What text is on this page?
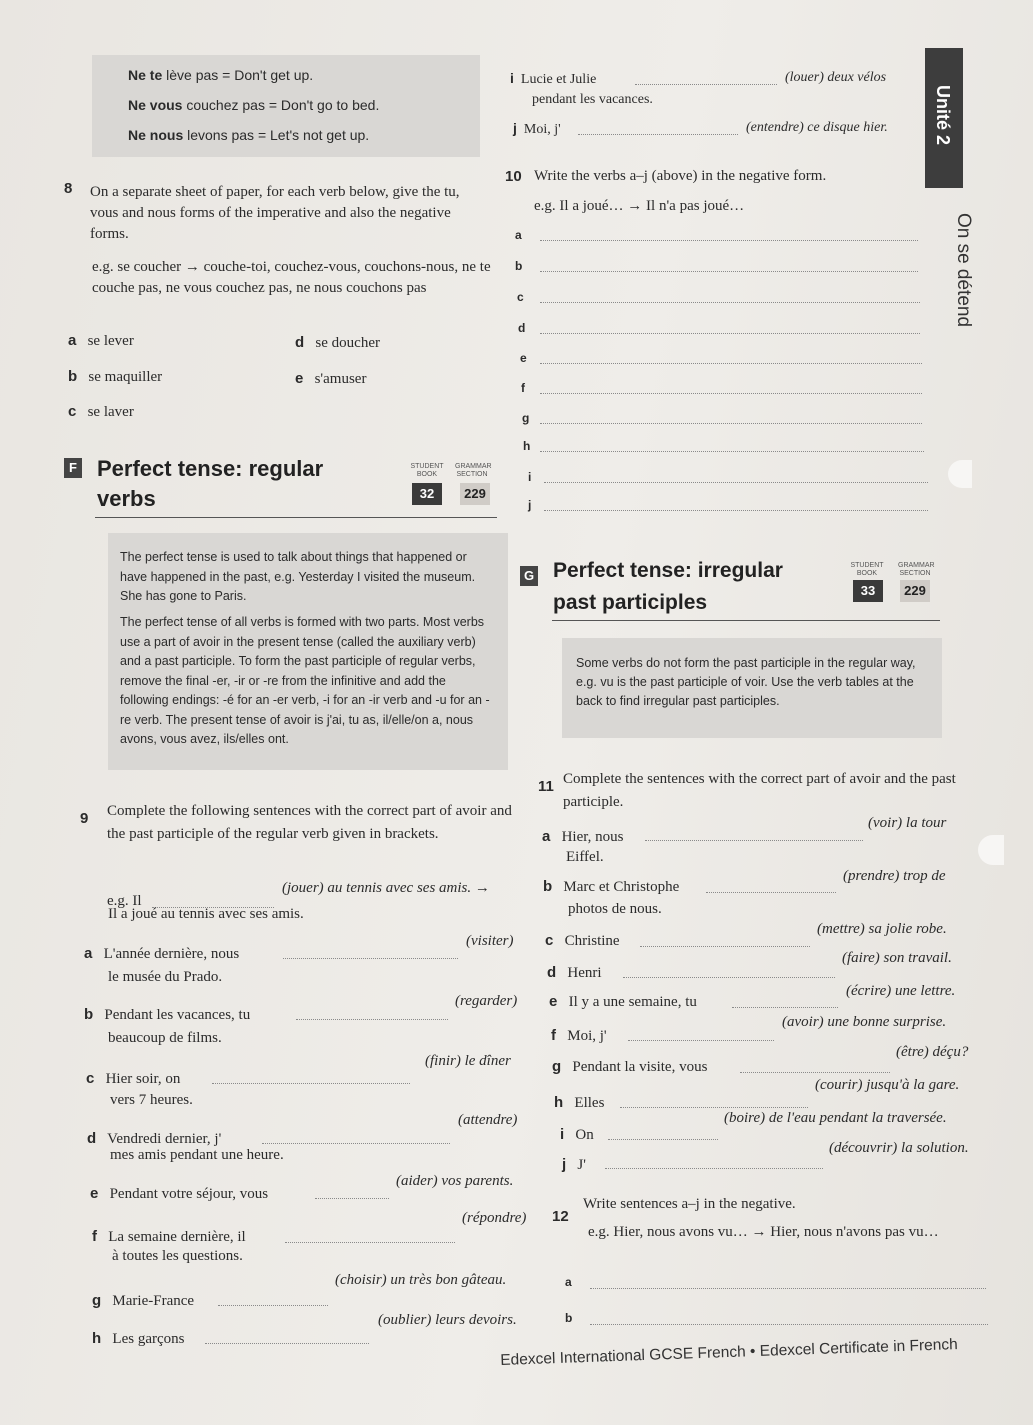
Ne te lève pas = Don't get up.
Ne vous couchez pas = Don't go to bed.
Ne nous levons pas = Let's not get up.
i Lucie et Julie	(louer) deux vélos
pendant les vacances.
j Moi, j'	(entendre) ce disque hier.	Unité 2
On se détend
8 On a separate sheet of paper, for each verb below, give the tu, vous and nous forms of the imperative and also the negative forms.
e.g. se coucher → couche-toi, couchez-vous, couchons-nous, ne te couche pas, ne vous couchez pas, ne nous couchons pas
a se lever
b se maquiller
c se laver
d se doucher
e s'amuser
10 Write the verbs a–j (above) in the negative form.
e.g. Il a joué… → Il n'a pas joué…
a
b
c
d
e
f
g
h
i
j
F Perfect tense: regular
verbs
STUDENT BOOK
GRAMMAR SECTION
32	229
The perfect tense is used to talk about things that happened or have happened in the past, e.g. Yesterday I visited the museum. She has gone to Paris.
The perfect tense of all verbs is formed with two parts. Most verbs use a part of avoir in the present tense (called the auxiliary verb) and a past participle. To form the past participle of regular verbs, remove the final -er, -ir or -re from the infinitive and add the following endings: -é for an -er verb, -i for an -ir verb and -u for an -re verb. The present tense of avoir is j'ai, tu as, il/elle/on a, nous avons, vous avez, ils/elles ont.
G Perfect tense: irregular
past participles
STUDENT BOOK
GRAMMAR SECTION
33	229
Some verbs do not form the past participle in the regular way, e.g. vu is the past participle of voir. Use the verb tables at the back to find irregular past participles.
9 Complete the following sentences with the correct part of avoir and the past participle of the regular verb given in brackets.
e.g. Il
(jouer) au tennis avec ses amis. →
Il a joué au tennis avec ses amis.
a L'année dernière, nous
(visiter)
le musée du Prado.
b Pendant les vacances, tu
(regarder)
beaucoup de films.
c Hier soir, on
(finir) le dîner
vers 7 heures.
d Vendredi dernier, j'
(attendre)
mes amis pendant une heure.
e Pendant votre séjour, vous
(aider) vos parents.
f La semaine dernière, il
(répondre)
à toutes les questions.
g Marie-France
(choisir) un très bon gâteau.
h Les garçons
(oublier) leurs devoirs.
11 Complete the sentences with the correct part of avoir and the past participle.
a Hier, nous
(voir) la tour
Eiffel.
b Marc et Christophe
(prendre) trop de
photos de nous.
c Christine
(mettre) sa jolie robe.
d Henri
(faire) son travail.
e Il y a une semaine, tu
(écrire) une lettre.
f Moi, j'
(avoir) une bonne surprise.
g Pendant la visite, vous
(être) déçu?
h Elles
(courir) jusqu'à la gare.
i On
(boire) de l'eau pendant la traversée.
j J'
(découvrir) la solution.
12
Write sentences a–j in the negative.
e.g. Hier, nous avons vu… → Hier, nous n'avons pas vu…
a
b
Edexcel International GCSE French • Edexcel Certificate in French
